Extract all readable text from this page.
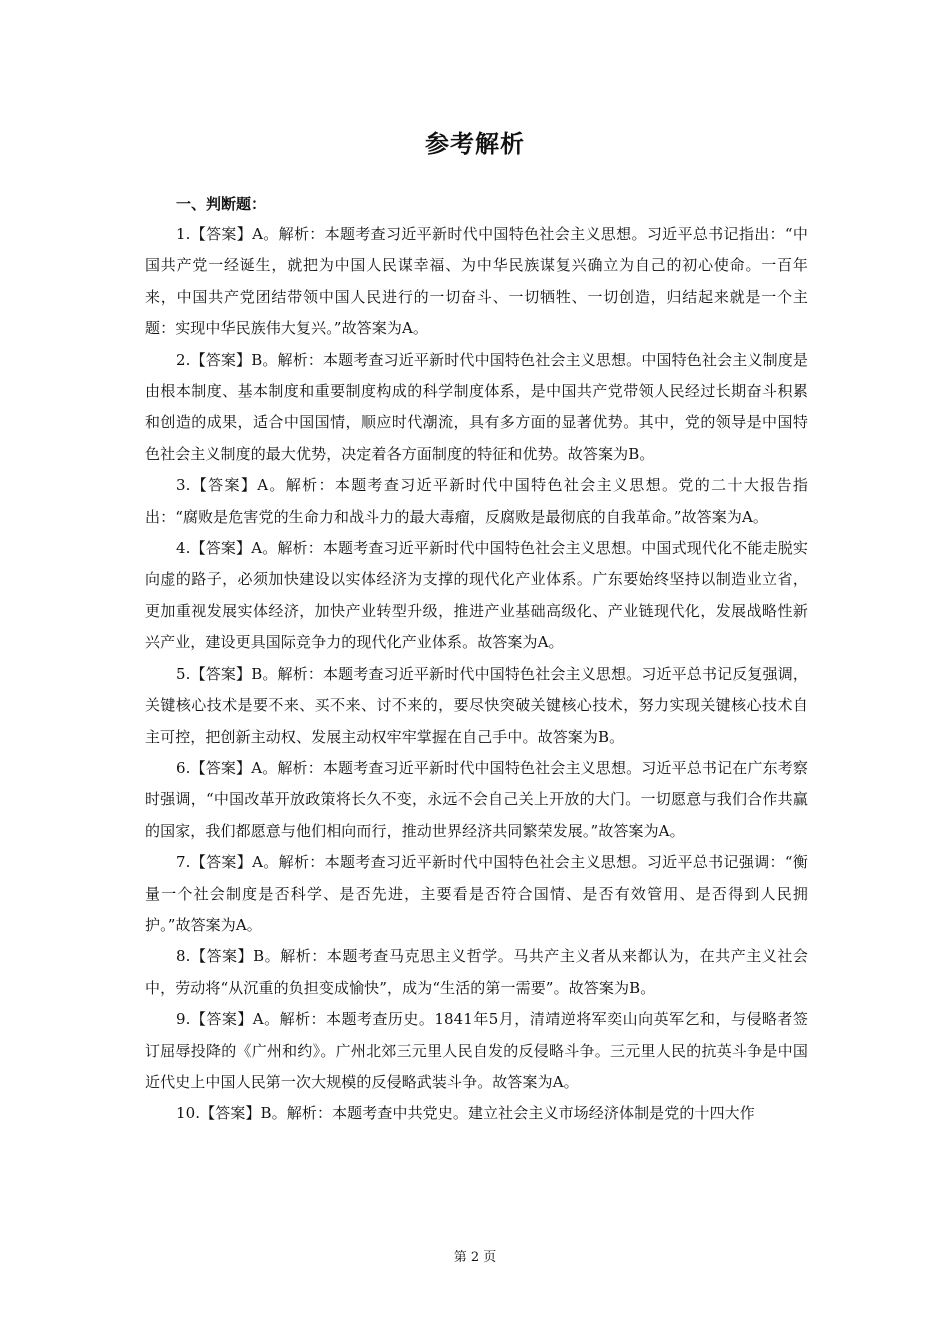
参考解析

一、判断题：

1.【答案】A。解析：本题考查习近平新时代中国特色社会主义思想。习近平总书记指出：“中国共产党一经诞生，就把为中国人民谋幸福、为中华民族谋复兴确立为自己的初心使命。一百年来，中国共产党团结带领中国人民进行的一切奋斗、一切牺牲、一切创造，归结起来就是一个主题：实现中华民族伟大复兴。”故答案为A。

2.【答案】B。解析：本题考查习近平新时代中国特色社会主义思想。中国特色社会主义制度是由根本制度、基本制度和重要制度构成的科学制度体系，是中国共产党带领人民经过长期奋斗积累和创造的成果，适合中国国情，顺应时代潮流，具有多方面的显著优势。其中，党的领导是中国特色社会主义制度的最大优势，决定着各方面制度的特征和优势。故答案为B。

3.【答案】A。解析：本题考查习近平新时代中国特色社会主义思想。党的二十大报告指出：“腐败是危害党的生命力和战斗力的最大毒瘤，反腐败是最彻底的自我革命。”故答案为A。

4.【答案】A。解析：本题考查习近平新时代中国特色社会主义思想。中国式现代化不能走脱实向虚的路子，必须加快建设以实体经济为支撑的现代化产业体系。广东要始终坚持以制造业立省，更加重视发展实体经济，加快产业转型升级，推进产业基础高级化、产业链现代化，发展战略性新兴产业，建设更具国际竞争力的现代化产业体系。故答案为A。

5.【答案】B。解析：本题考查习近平新时代中国特色社会主义思想。习近平总书记反复强调，关键核心技术是要不来、买不来、讨不来的，要尽快突破关键核心技术，努力实现关键核心技术自主可控，把创新主动权、发展主动权牢牢掌握在自己手中。故答案为B。

6.【答案】A。解析：本题考查习近平新时代中国特色社会主义思想。习近平总书记在广东考察时强调，“中国改革开放政策将长久不变，永远不会自己关上开放的大门。一切愿意与我们合作共赢的国家，我们都愿意与他们相向而行，推动世界经济共同繁荣发展。”故答案为A。

7.【答案】A。解析：本题考查习近平新时代中国特色社会主义思想。习近平总书记强调：“衡量一个社会制度是否科学、是否先进，主要看是否符合国情、是否有效管用、是否得到人民拥护。”故答案为A。

8.【答案】B。解析：本题考查马克思主义哲学。马共产主义者从来都认为，在共产主义社会中，劳动将“从沉重的负担变成愉快”，成为“生活的第一需要”。故答案为B。

9.【答案】A。解析：本题考查历史。1841年5月，清靖逆将军奕山向英军乞和，与侵略者签订屈辱投降的《广州和约》。广州北郊三元里人民自发的反侵略斗争。三元里人民的抗英斗争是中国近代史上中国人民第一次大规模的反侵略武装斗争。故答案为A。

10.【答案】B。解析：本题考查中共党史。建立社会主义市场经济体制是党的十四大作

第 2 页
